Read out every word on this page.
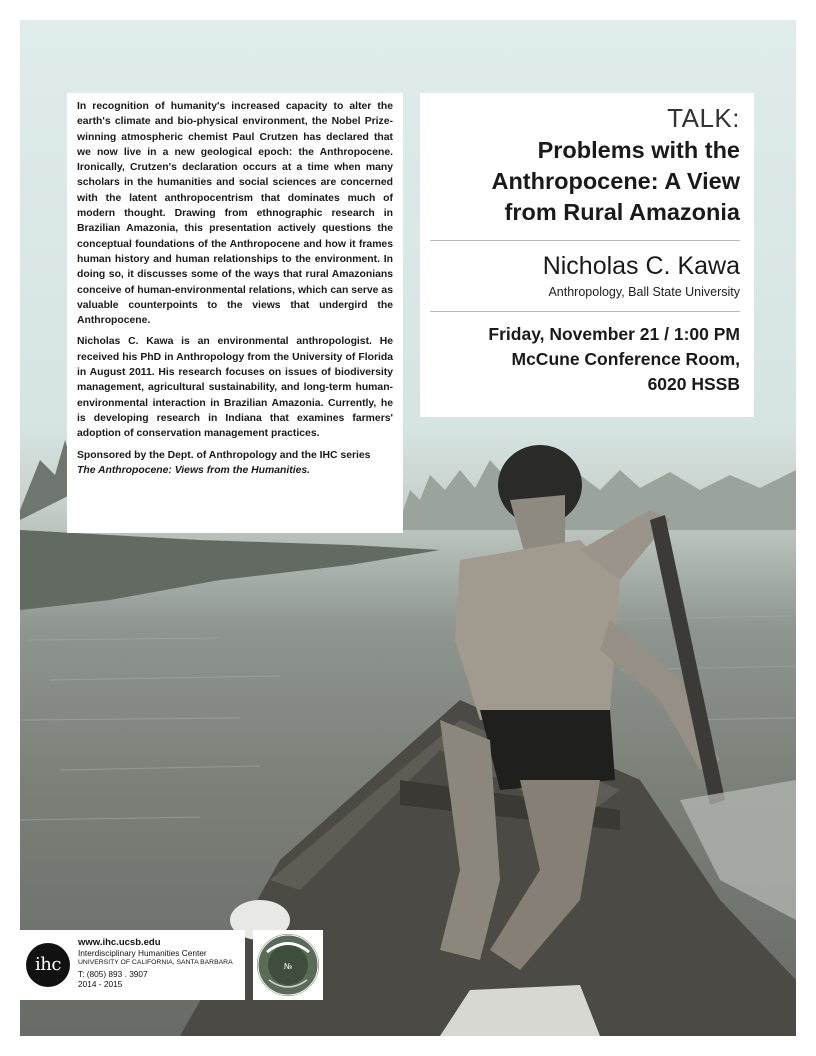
In recognition of humanity's increased capacity to alter the earth's climate and bio-physical environment, the Nobel Prize-winning atmospheric chemist Paul Crutzen has declared that we now live in a new geological epoch: the Anthropocene. Ironically, Crutzen's declaration occurs at a time when many scholars in the humanities and social sciences are concerned with the latent anthropocentrism that dominates much of modern thought. Drawing from ethnographic research in Brazilian Amazonia, this presentation actively questions the conceptual foundations of the Anthropocene and how it frames human history and human relationships to the environment. In doing so, it discusses some of the ways that rural Amazonians conceive of human-environmental relations, which can serve as valuable counterpoints to the views that undergird the Anthropocene.

Nicholas C. Kawa is an environmental anthropologist. He received his PhD in Anthropology from the University of Florida in August 2011. His research focuses on issues of biodiversity management, agricultural sustainability, and long-term human-environmental interaction in Brazilian Amazonia. Currently, he is developing research in Indiana that examines farmers' adoption of conservation management practices.

Sponsored by the Dept. of Anthropology and the IHC series
The Anthropocene: Views from the Humanities.

TALK:
Problems with the
Anthropocene: A View
from Rural Amazonia
Nicholas C. Kawa
Anthropology, Ball State University
Friday, November 21 / 1:00 PM
McCune Conference Room,
6020 HSSB
ihc
www.ihc.ucsb.edu
Interdisciplinary Humanities Center
UNIVERSITY OF CALIFORNIA, SANTA BARBARA
T: (805) 893 . 3907
2014 - 2015
№
